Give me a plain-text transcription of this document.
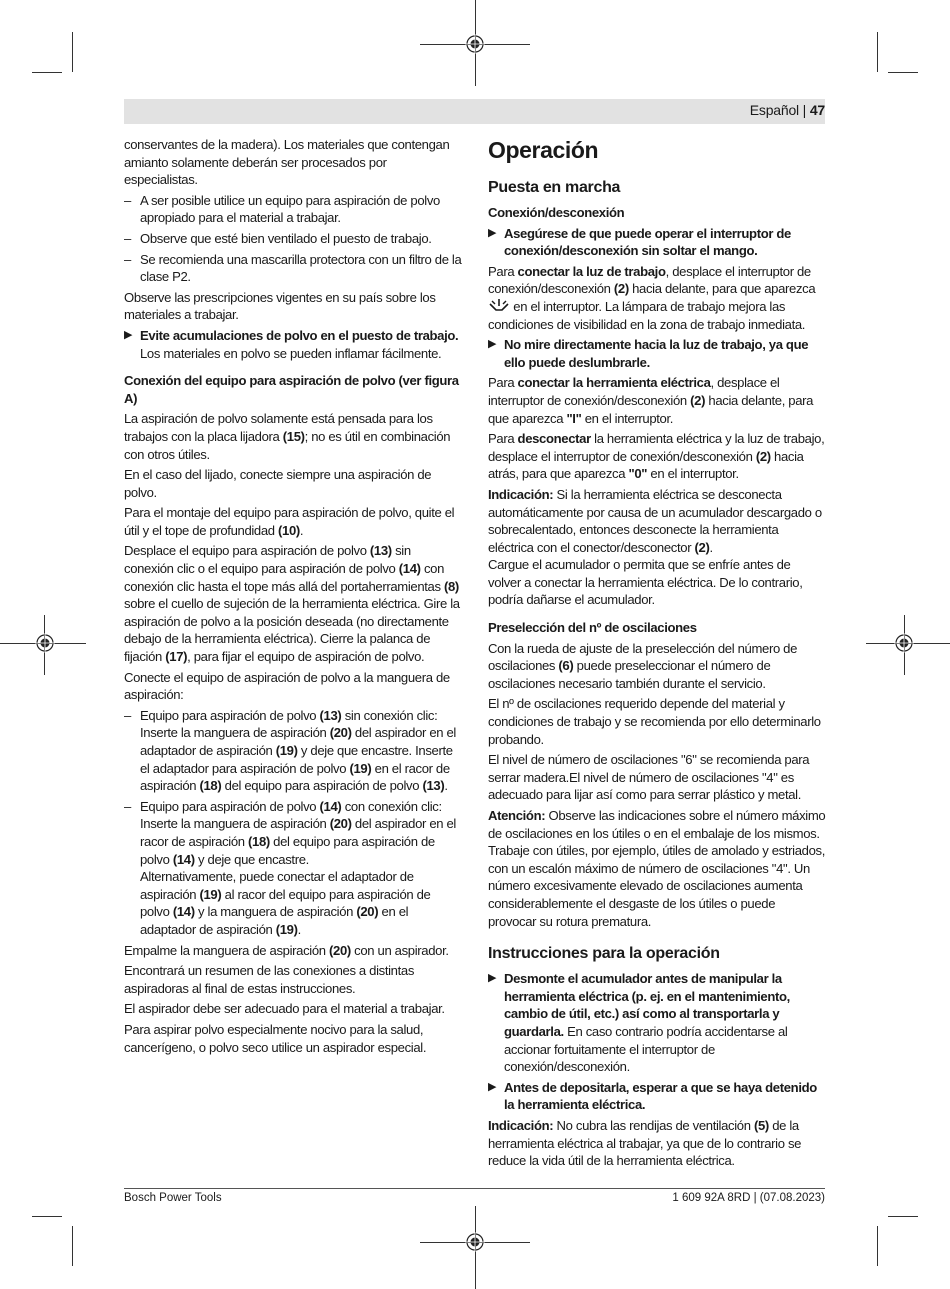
Español | 47

conservantes de la madera). Los materiales que contengan amianto solamente deberán ser procesados por especialistas.

– A ser posible utilice un equipo para aspiración de polvo apropiado para el material a trabajar.
– Observe que esté bien ventilado el puesto de trabajo.
– Se recomienda una mascarilla protectora con un filtro de la clase P2.

Observe las prescripciones vigentes en su país sobre los materiales a trabajar.

▶ Evite acumulaciones de polvo en el puesto de trabajo. Los materiales en polvo se pueden inflamar fácilmente.
Conexión del equipo para aspiración de polvo (ver figura A)

La aspiración de polvo solamente está pensada para los trabajos con la placa lijadora (15); no es útil en combinación con otros útiles.

En el caso del lijado, conecte siempre una aspiración de polvo.

Para el montaje del equipo para aspiración de polvo, quite el útil y el tope de profundidad (10).

Desplace el equipo para aspiración de polvo (13) sin conexión clic o el equipo para aspiración de polvo (14) con conexión clic hasta el tope más allá del portaherramientas (8) sobre el cuello de sujeción de la herramienta eléctrica. Gire la aspiración de polvo a la posición deseada (no directamente debajo de la herramienta eléctrica). Cierre la palanca de fijación (17), para fijar el equipo de aspiración de polvo.

Conecte el equipo de aspiración de polvo a la manguera de aspiración:

– Equipo para aspiración de polvo (13) sin conexión clic: Inserte la manguera de aspiración (20) del aspirador en el adaptador de aspiración (19) y deje que encastre. Inserte el adaptador para aspiración de polvo (19) en el racor de aspiración (18) del equipo para aspiración de polvo (13).
– Equipo para aspiración de polvo (14) con conexión clic: Inserte la manguera de aspiración (20) del aspirador en el racor de aspiración (18) del equipo para aspiración de polvo (14) y deje que encastre.
Alternativamente, puede conectar el adaptador de aspiración (19) al racor del equipo para aspiración de polvo (14) y la manguera de aspiración (20) en el adaptador de aspiración (19).

Empalme la manguera de aspiración (20) con un aspirador.

Encontrará un resumen de las conexiones a distintas aspiradoras al final de estas instrucciones.

El aspirador debe ser adecuado para el material a trabajar.

Para aspirar polvo especialmente nocivo para la salud, cancerígeno, o polvo seco utilice un aspirador especial.

Operación
Puesta en marcha
Conexión/desconexión
▶ Asegúrese de que puede operar el interruptor de conexión/desconexión sin soltar el mango.

Para conectar la luz de trabajo, desplace el interruptor de conexión/desconexión (2) hacia delante, para que aparezca  en el interruptor. La lámpara de trabajo mejora las condiciones de visibilidad en la zona de trabajo inmediata.

▶ No mire directamente hacia la luz de trabajo, ya que ello puede deslumbrarle.

Para conectar la herramienta eléctrica, desplace el interruptor de conexión/desconexión (2) hacia delante, para que aparezca "I" en el interruptor.

Para desconectar la herramienta eléctrica y la luz de trabajo, desplace el interruptor de conexión/desconexión (2) hacia atrás, para que aparezca "0" en el interruptor.

Indicación: Si la herramienta eléctrica se desconecta automáticamente por causa de un acumulador descargado o sobrecalentado, entonces desconecte la herramienta eléctrica con el conector/desconector (2).

Cargue el acumulador o permita que se enfríe antes de volver a conectar la herramienta eléctrica. De lo contrario, podría dañarse el acumulador.

Preselección del nº de oscilaciones

Con la rueda de ajuste de la preselección del número de oscilaciones (6) puede preseleccionar el número de oscilaciones necesario también durante el servicio.

El nº de oscilaciones requerido depende del material y condiciones de trabajo y se recomienda por ello determinarlo probando.

El nivel de número de oscilaciones "6" se recomienda para serrar madera.El nivel de número de oscilaciones "4" es adecuado para lijar así como para serrar plástico y metal.

Atención: Observe las indicaciones sobre el número máximo de oscilaciones en los útiles o en el embalaje de los mismos. Trabaje con útiles, por ejemplo, útiles de amolado y estriados, con un escalón máximo de número de oscilaciones "4". Un número excesivamente elevado de oscilaciones aumenta considerablemente el desgaste de los útiles o puede provocar su rotura prematura.

Instrucciones para la operación
▶ Desmonte el acumulador antes de manipular la herramienta eléctrica (p. ej. en el mantenimiento, cambio de útil, etc.) así como al transportarla y guardarla. En caso contrario podría accidentarse al accionar fortuitamente el interruptor de conexión/desconexión.
▶ Antes de depositarla, esperar a que se haya detenido la herramienta eléctrica.

Indicación: No cubra las rendijas de ventilación (5) de la herramienta eléctrica al trabajar, ya que de lo contrario se reduce la vida útil de la herramienta eléctrica.

Bosch Power Tools	1 609 92A 8RD | (07.08.2023)
